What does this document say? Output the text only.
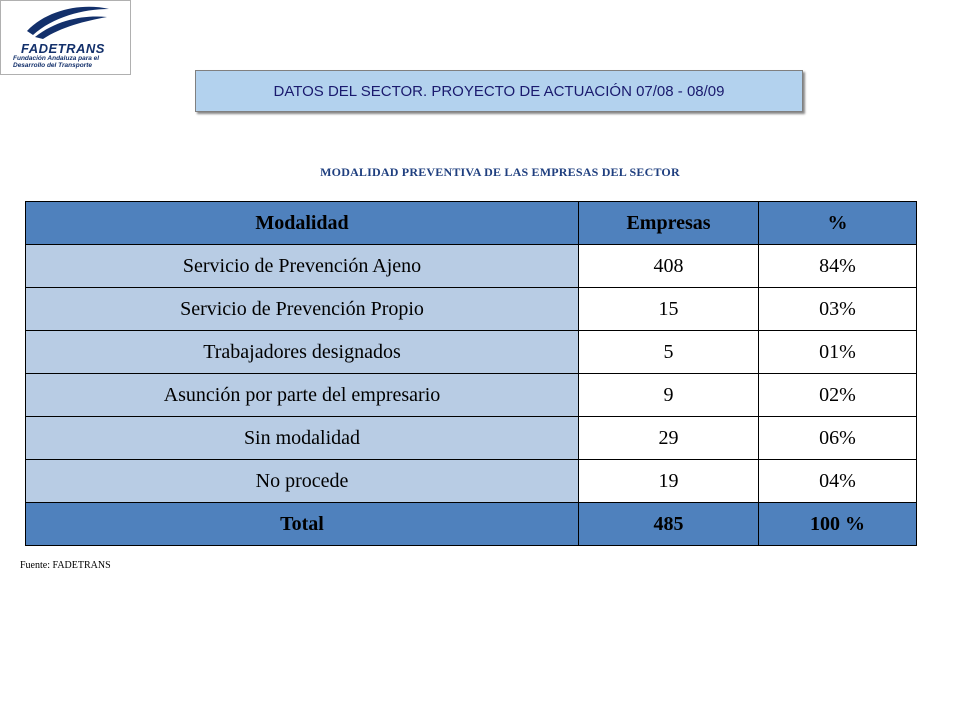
FADETRANS
Fundación Andaluza para el Desarrollo del Transporte
DATOS DEL SECTOR. PROYECTO DE ACTUACIÓN 07/08 - 08/09
MODALIDAD PREVENTIVA DE LAS EMPRESAS DEL SECTOR
Modalidad	Empresas	%
Servicio de Prevención Ajeno	408	84%
Servicio de Prevención Propio	15	03%
Trabajadores designados	5	01%
Asunción por parte del empresario	9	02%
Sin modalidad	29	06%
No procede	19	04%
Total	485	100 %
Fuente: FADETRANS
